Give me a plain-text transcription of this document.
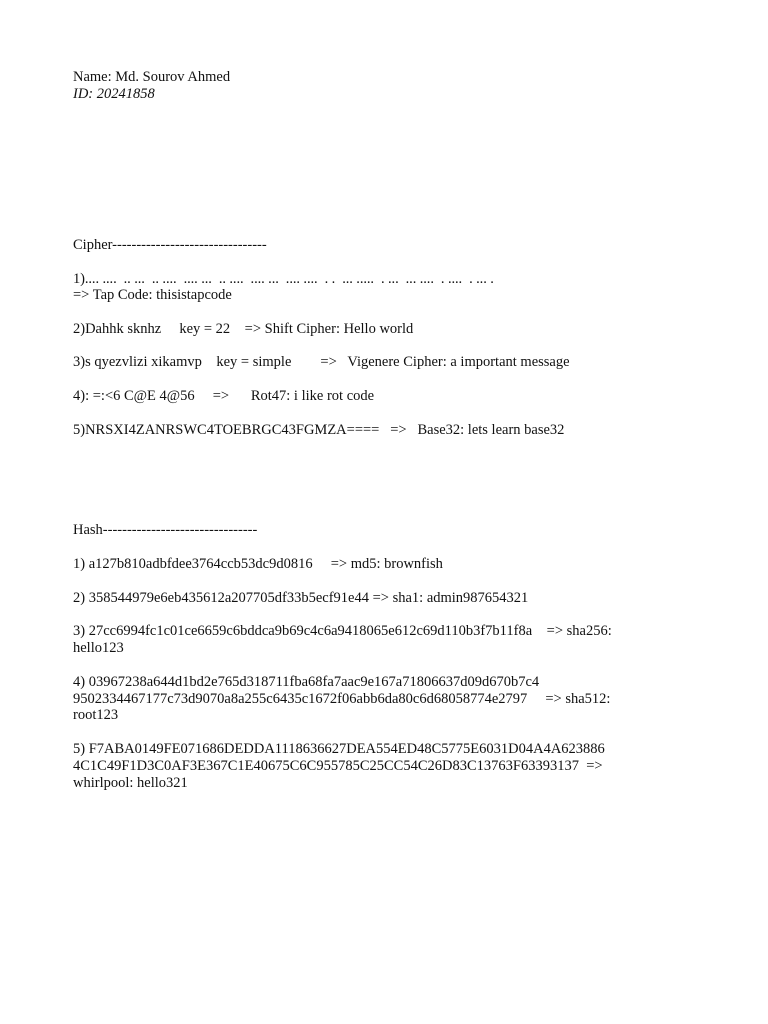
Name: Md. Sourov Ahmed

ID: 20241858

Cipher--------------------------------

1).... ....  .. ...  .. ....  .... ...  .. ....  .... ...  .... ....  . .  ... .....  . ...  ... ....  . ....  . ... .

=> Tap Code: thisistapcode

2)Dahhk sknhz     key = 22    => Shift Cipher: Hello world

3)s qyezvlizi xikamvp    key = simple        =>   Vigenere Cipher: a important message

4): =:<6 C@E 4@56     =>      Rot47: i like rot code

5)NRSXI4ZANRSWC4TOEBRGC43FGMZA====   =>   Base32: lets learn base32

Hash--------------------------------

1) a127b810adbfdee3764ccb53dc9d0816     => md5: brownfish

2) 358544979e6eb435612a207705df33b5ecf91e44 => sha1: admin987654321

3) 27cc6994fc1c01ce6659c6bddca9b69c4c6a9418065e612c69d110b3f7b11f8a    => sha256:

hello123

4) 03967238a644d1bd2e765d318711fba68fa7aac9e167a71806637d09d670b7c4

9502334467177c73d9070a8a255c6435c1672f06abb6da80c6d68058774e2797     => sha512:

root123

5) F7ABA0149FE071686DEDDA1118636627DEA554ED48C5775E6031D04A4A623886

4C1C49F1D3C0AF3E367C1E40675C6C955785C25CC54C26D83C13763F63393137  =>

whirlpool: hello321
